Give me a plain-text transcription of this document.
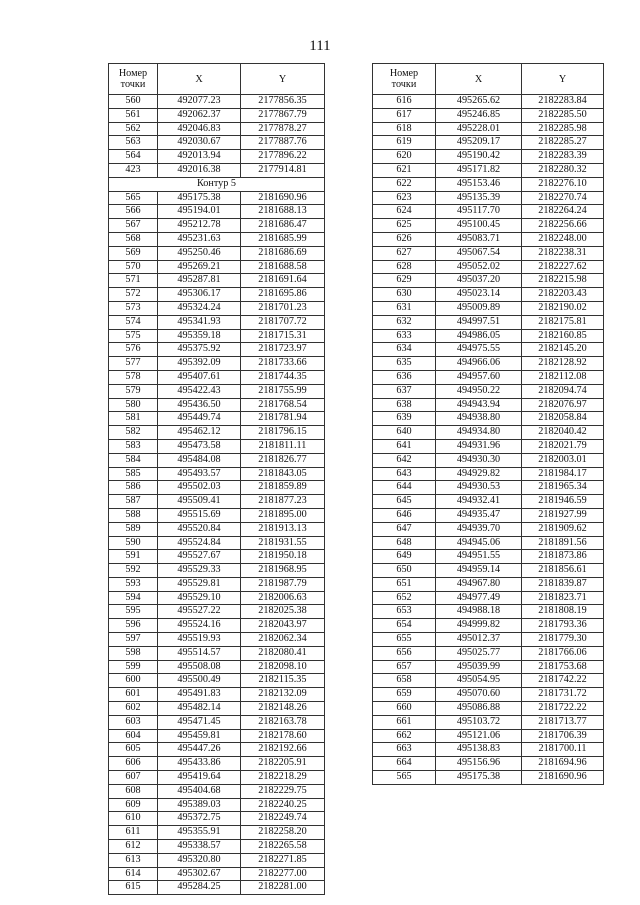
111
Номер
точки	X	Y
560	492077.23	2177856.35
561	492062.37	2177867.79
562	492046.83	2177878.27
563	492030.67	2177887.76
564	492013.94	2177896.22
423	492016.38	2177914.81
Контур 5		
565	495175.38	2181690.96
566	495194.01	2181688.13
567	495212.78	2181686.47
568	495231.63	2181685.99
569	495250.46	2181686.69
570	495269.21	2181688.58
571	495287.81	2181691.64
572	495306.17	2181695.86
573	495324.24	2181701.23
574	495341.93	2181707.72
575	495359.18	2181715.31
576	495375.92	2181723.97
577	495392.09	2181733.66
578	495407.61	2181744.35
579	495422.43	2181755.99
580	495436.50	2181768.54
581	495449.74	2181781.94
582	495462.12	2181796.15
583	495473.58	2181811.11
584	495484.08	2181826.77
585	495493.57	2181843.05
586	495502.03	2181859.89
587	495509.41	2181877.23
588	495515.69	2181895.00
589	495520.84	2181913.13
590	495524.84	2181931.55
591	495527.67	2181950.18
592	495529.33	2181968.95
593	495529.81	2181987.79
594	495529.10	2182006.63
595	495527.22	2182025.38
596	495524.16	2182043.97
597	495519.93	2182062.34
598	495514.57	2182080.41
599	495508.08	2182098.10
600	495500.49	2182115.35
601	495491.83	2182132.09
602	495482.14	2182148.26
603	495471.45	2182163.78
604	495459.81	2182178.60
605	495447.26	2182192.66
606	495433.86	2182205.91
607	495419.64	2182218.29
608	495404.68	2182229.75
609	495389.03	2182240.25
610	495372.75	2182249.74
611	495355.91	2182258.20
612	495338.57	2182265.58
613	495320.80	2182271.85
614	495302.67	2182277.00
615	495284.25	2182281.00
Номер
точки	X	Y
616	495265.62	2182283.84
617	495246.85	2182285.50
618	495228.01	2182285.98
619	495209.17	2182285.27
620	495190.42	2182283.39
621	495171.82	2182280.32
622	495153.46	2182276.10
623	495135.39	2182270.74
624	495117.70	2182264.24
625	495100.45	2182256.66
626	495083.71	2182248.00
627	495067.54	2182238.31
628	495052.02	2182227.62
629	495037.20	2182215.98
630	495023.14	2182203.43
631	495009.89	2182190.02
632	494997.51	2182175.81
633	494986.05	2182160.85
634	494975.55	2182145.20
635	494966.06	2182128.92
636	494957.60	2182112.08
637	494950.22	2182094.74
638	494943.94	2182076.97
639	494938.80	2182058.84
640	494934.80	2182040.42
641	494931.96	2182021.79
642	494930.30	2182003.01
643	494929.82	2181984.17
644	494930.53	2181965.34
645	494932.41	2181946.59
646	494935.47	2181927.99
647	494939.70	2181909.62
648	494945.06	2181891.56
649	494951.55	2181873.86
650	494959.14	2181856.61
651	494967.80	2181839.87
652	494977.49	2181823.71
653	494988.18	2181808.19
654	494999.82	2181793.36
655	495012.37	2181779.30
656	495025.77	2181766.06
657	495039.99	2181753.68
658	495054.95	2181742.22
659	495070.60	2181731.72
660	495086.88	2181722.22
661	495103.72	2181713.77
662	495121.06	2181706.39
663	495138.83	2181700.11
664	495156.96	2181694.96
565	495175.38	2181690.96
